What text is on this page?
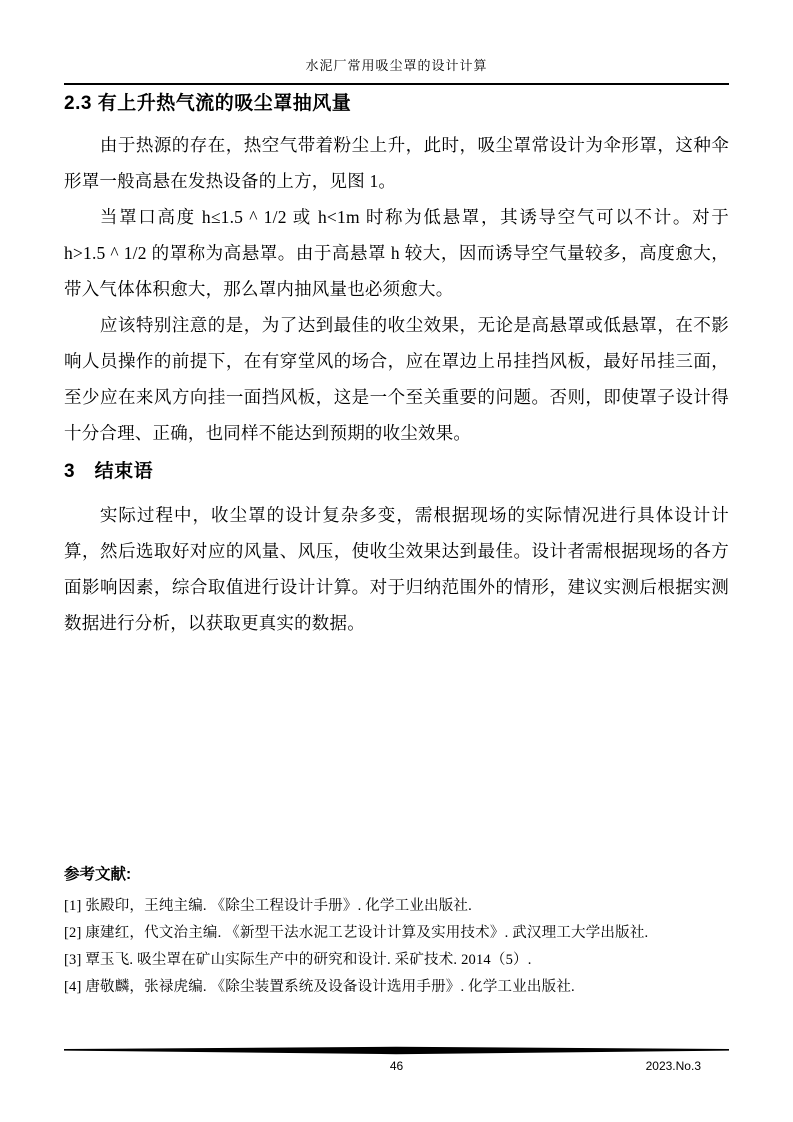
水泥厂常用吸尘罩的设计计算
2.3 有上升热气流的吸尘罩抽风量

由于热源的存在，热空气带着粉尘上升，此时，吸尘罩常设计为伞形罩，这种伞形罩一般高悬在发热设备的上方，见图 1。

当罩口高度 h≤1.5 ^ 1/2 或 h<1m 时称为低悬罩，其诱导空气可以不计。对于 h>1.5 ^ 1/2 的罩称为高悬罩。由于高悬罩 h 较大，因而诱导空气量较多，高度愈大，带入气体体积愈大，那么罩内抽风量也必须愈大。

应该特别注意的是，为了达到最佳的收尘效果，无论是高悬罩或低悬罩，在不影响人员操作的前提下，在有穿堂风的场合，应在罩边上吊挂挡风板，最好吊挂三面，至少应在来风方向挂一面挡风板，这是一个至关重要的问题。否则，即使罩子设计得十分合理、正确，也同样不能达到预期的收尘效果。

3　结束语

实际过程中，收尘罩的设计复杂多变，需根据现场的实际情况进行具体设计计算，然后选取好对应的风量、风压，使收尘效果达到最佳。设计者需根据现场的各方面影响因素，综合取值进行设计计算。对于归纳范围外的情形，建议实测后根据实测数据进行分析，以获取更真实的数据。

参考文献:

[1] 张殿印，王纯主编. 《除尘工程设计手册》. 化学工业出版社.

[2] 康建红，代文治主编. 《新型干法水泥工艺设计计算及实用技术》. 武汉理工大学出版社.

[3] 覃玉飞. 吸尘罩在矿山实际生产中的研究和设计. 采矿技术. 2014（5）.

[4] 唐敬麟，张禄虎编. 《除尘装置系统及设备设计选用手册》. 化学工业出版社.

46	2023.No.3
